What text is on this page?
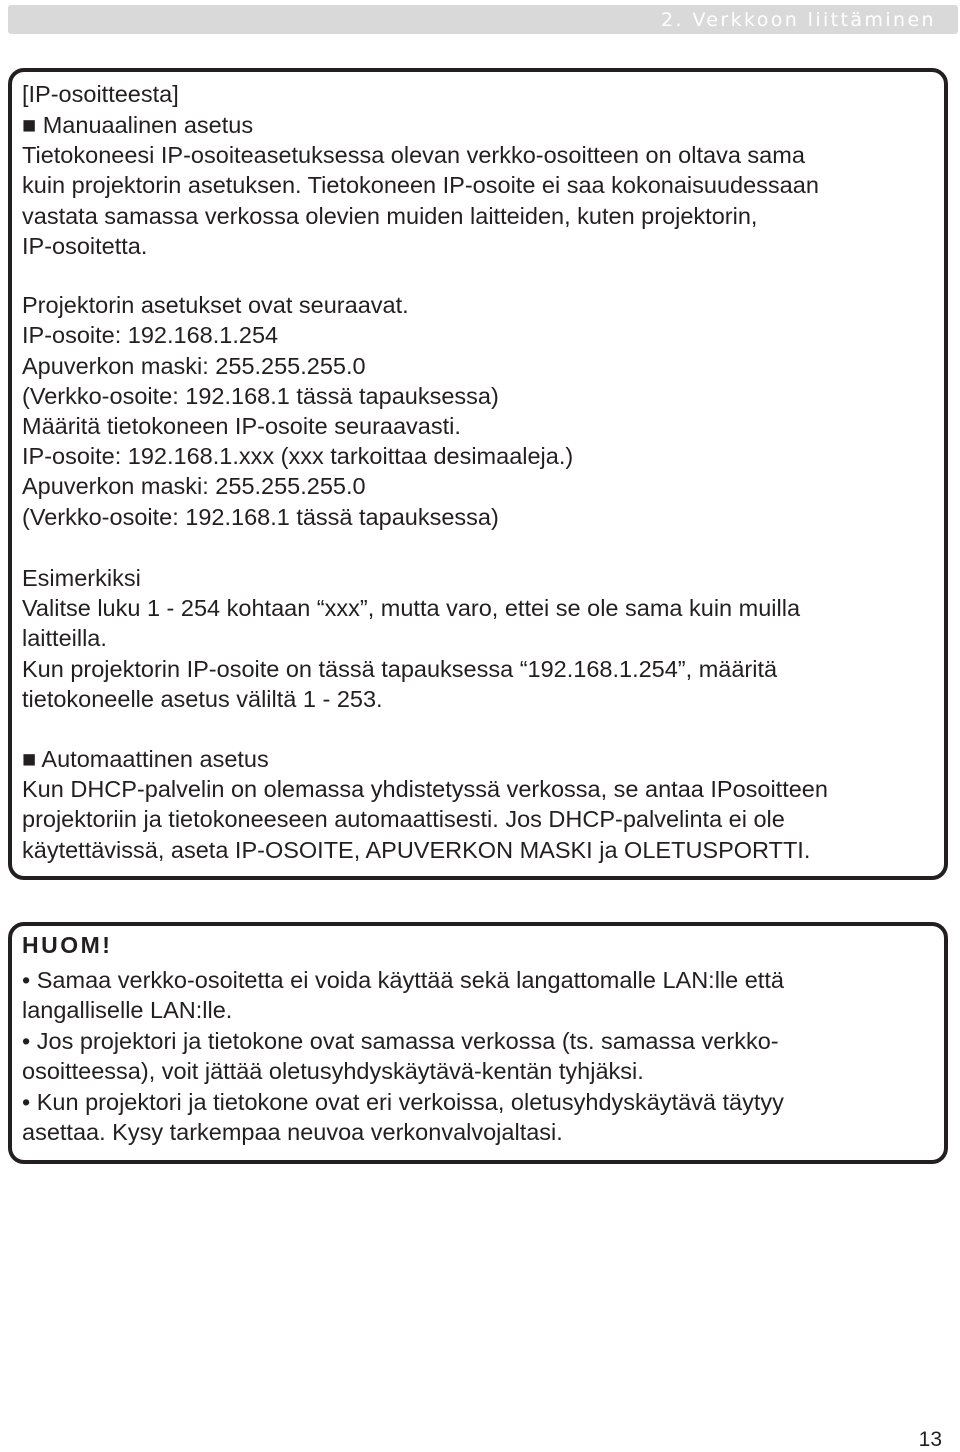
2. Verkkoon liittäminen
[IP-osoitteesta]
■ Manuaalinen asetus
Tietokoneesi IP-osoiteasetuksessa olevan verkko-osoitteen on oltava sama
kuin projektorin asetuksen. Tietokoneen IP-osoite ei saa kokonaisuudessaan
vastata samassa verkossa olevien muiden laitteiden, kuten projektorin,
IP-osoitetta.
Projektorin asetukset ovat seuraavat.
IP-osoite: 192.168.1.254
Apuverkon maski: 255.255.255.0
(Verkko-osoite: 192.168.1 tässä tapauksessa)
Määritä tietokoneen IP-osoite seuraavasti.
IP-osoite: 192.168.1.xxx (xxx tarkoittaa desimaaleja.)
Apuverkon maski: 255.255.255.0
(Verkko-osoite: 192.168.1 tässä tapauksessa)
Esimerkiksi
Valitse luku 1 - 254 kohtaan “xxx”, mutta varo, ettei se ole sama kuin muilla
laitteilla.
Kun projektorin IP-osoite on tässä tapauksessa “192.168.1.254”, määritä
tietokoneelle asetus väliltä 1 - 253.
■ Automaattinen asetus
Kun DHCP-palvelin on olemassa yhdistetyssä verkossa, se antaa IPosoitteen
projektoriin ja tietokoneeseen automaattisesti. Jos DHCP-palvelinta ei ole
käytettävissä, aseta IP-OSOITE, APUVERKON MASKI ja OLETUSPORTTI.
HUOM!
• Samaa verkko-osoitetta ei voida käyttää sekä langattomalle LAN:lle että
langalliselle LAN:lle.
• Jos projektori ja tietokone ovat samassa verkossa (ts. samassa verkko-
osoitteessa), voit jättää oletusyhdyskäytävä-kentän tyhjäksi.
• Kun projektori ja tietokone ovat eri verkoissa, oletusyhdyskäytävä täytyy
asettaa. Kysy tarkempaa neuvoa verkonvalvojaltasi.
13
